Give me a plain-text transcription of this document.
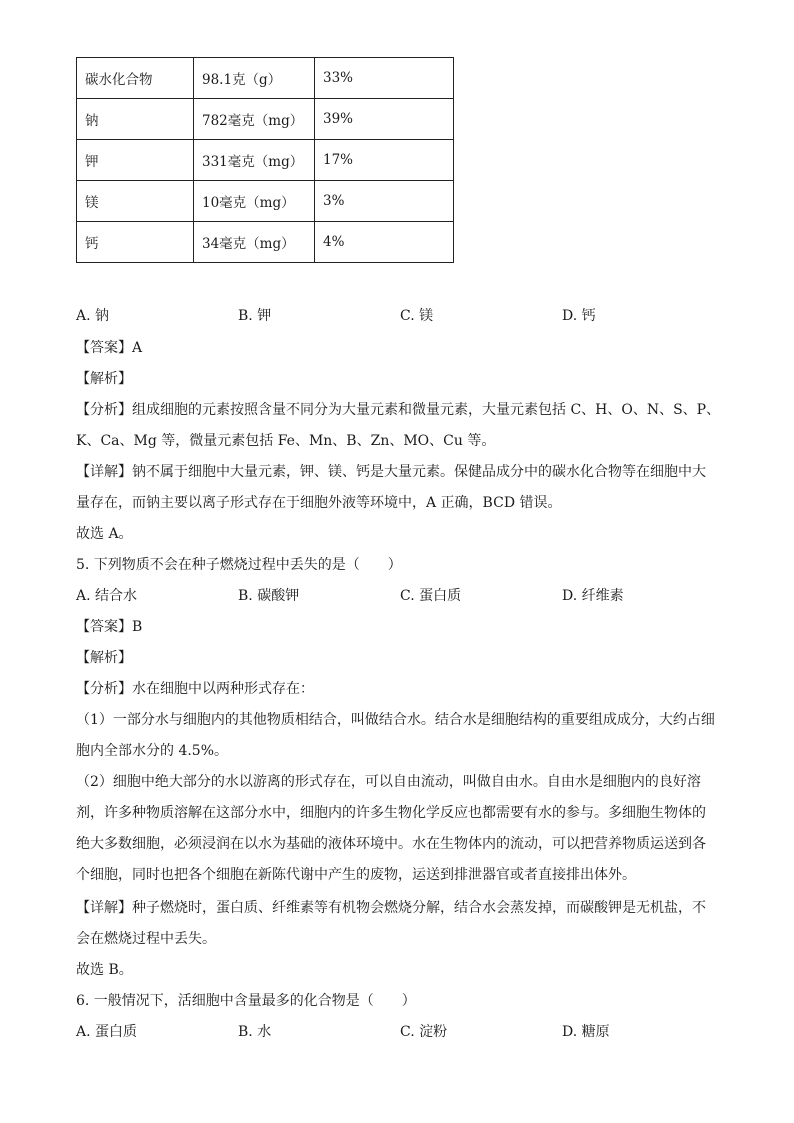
碳水化合物	98.1克（g）	33%
钠	782毫克（mg）	39%
钾	331毫克（mg）	17%
镁	10毫克（mg）	3%
钙	34毫克（mg）	4%
A. 钠	B. 钾	C. 镁	D. 钙
【答案】A
【解析】
【分析】组成细胞的元素按照含量不同分为大量元素和微量元素，大量元素包括 C、H、O、N、S、P、
K、Ca、Mg 等，微量元素包括 Fe、Mn、B、Zn、MO、Cu 等。
【详解】钠不属于细胞中大量元素，钾、镁、钙是大量元素。保健品成分中的碳水化合物等在细胞中大
量存在，而钠主要以离子形式存在于细胞外液等环境中，A 正确，BCD 错误。
故选 A。
5. 下列物质不会在种子燃烧过程中丢失的是（　　）
A. 结合水	B. 碳酸钾	C. 蛋白质	D. 纤维素
【答案】B
【解析】
【分析】水在细胞中以两种形式存在：
（1）一部分水与细胞内的其他物质相结合，叫做结合水。结合水是细胞结构的重要组成成分，大约占细
胞内全部水分的 4.5%。
（2）细胞中绝大部分的水以游离的形式存在，可以自由流动，叫做自由水。自由水是细胞内的良好溶
剂，许多种物质溶解在这部分水中，细胞内的许多生物化学反应也都需要有水的参与。多细胞生物体的
绝大多数细胞，必须浸润在以水为基础的液体环境中。水在生物体内的流动，可以把营养物质运送到各
个细胞，同时也把各个细胞在新陈代谢中产生的废物，运送到排泄器官或者直接排出体外。
【详解】种子燃烧时，蛋白质、纤维素等有机物会燃烧分解，结合水会蒸发掉，而碳酸钾是无机盐，不
会在燃烧过程中丢失。
故选 B。
6. 一般情况下，活细胞中含量最多的化合物是（　　）
A. 蛋白质	B. 水	C. 淀粉	D. 糖原
